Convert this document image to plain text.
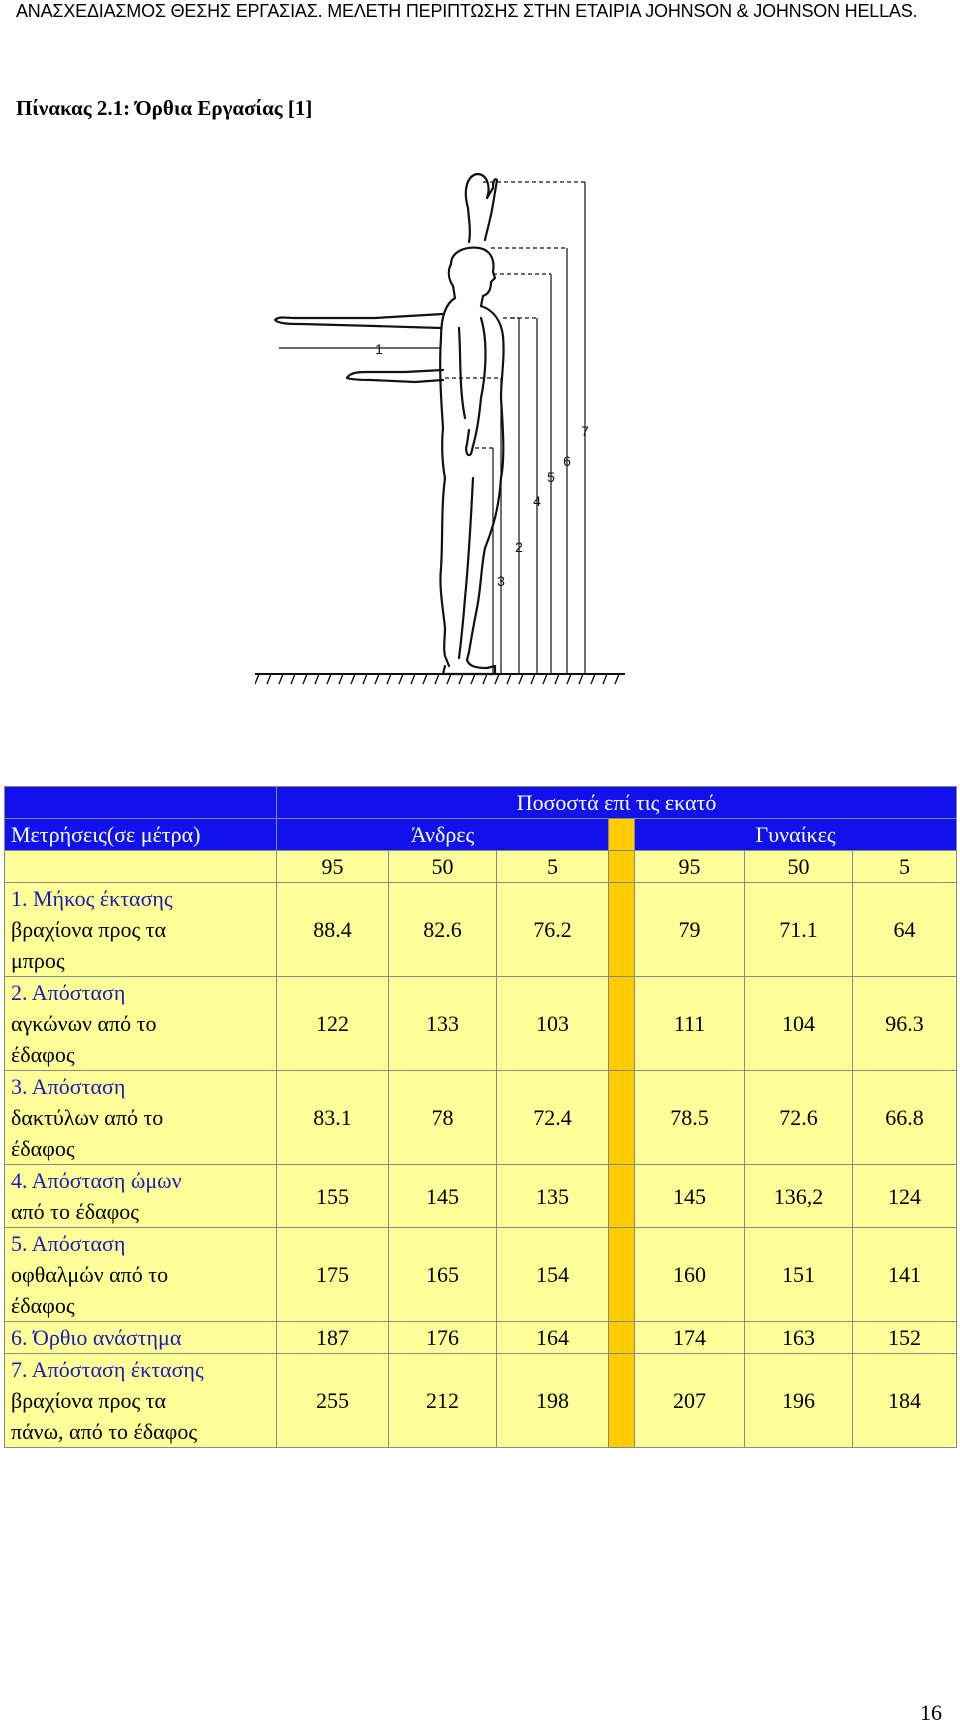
ΑΝΑΣΧΕΔΙΑΣΜΟΣ ΘΕΣΗΣ ΕΡΓΑΣΙΑΣ. ΜΕΛΕΤΗ ΠΕΡΙΠΤΩΣΗΣ ΣΤΗΝ ΕΤΑΙΡΙΑ JOHNSON & JOHNSON HELLAS.
Πίνακας 2.1: Όρθια Εργασίας [1]
1
2
3
4
5
6
7
	Ποσοστά επί τις εκατό						
Μετρήσεις(σε μέτρα)	Άνδρες				Γυναίκες		
	95	50	5		95	50	5

1. Μήκος έκτασης
βραχίονα προς τα
μπρος	88.4	82.6	76.2		79	71.1	64

2. Απόσταση
αγκώνων από το
έδαφος	122	133	103		111	104	96.3

3. Απόσταση
δακτύλων από το
έδαφος	83.1	78	72.4		78.5	72.6	66.8

4. Απόσταση ώμων
από το έδαφος	155	145	135		145	136,2	124

5. Απόσταση
οφθαλμών από το
έδαφος	175	165	154		160	151	141

6. Όρθιο ανάστημα	187	176	164		174	163	152

7. Απόσταση έκτασης
βραχίονα προς τα
πάνω, από το έδαφος	255	212	198		207	196	184
16
